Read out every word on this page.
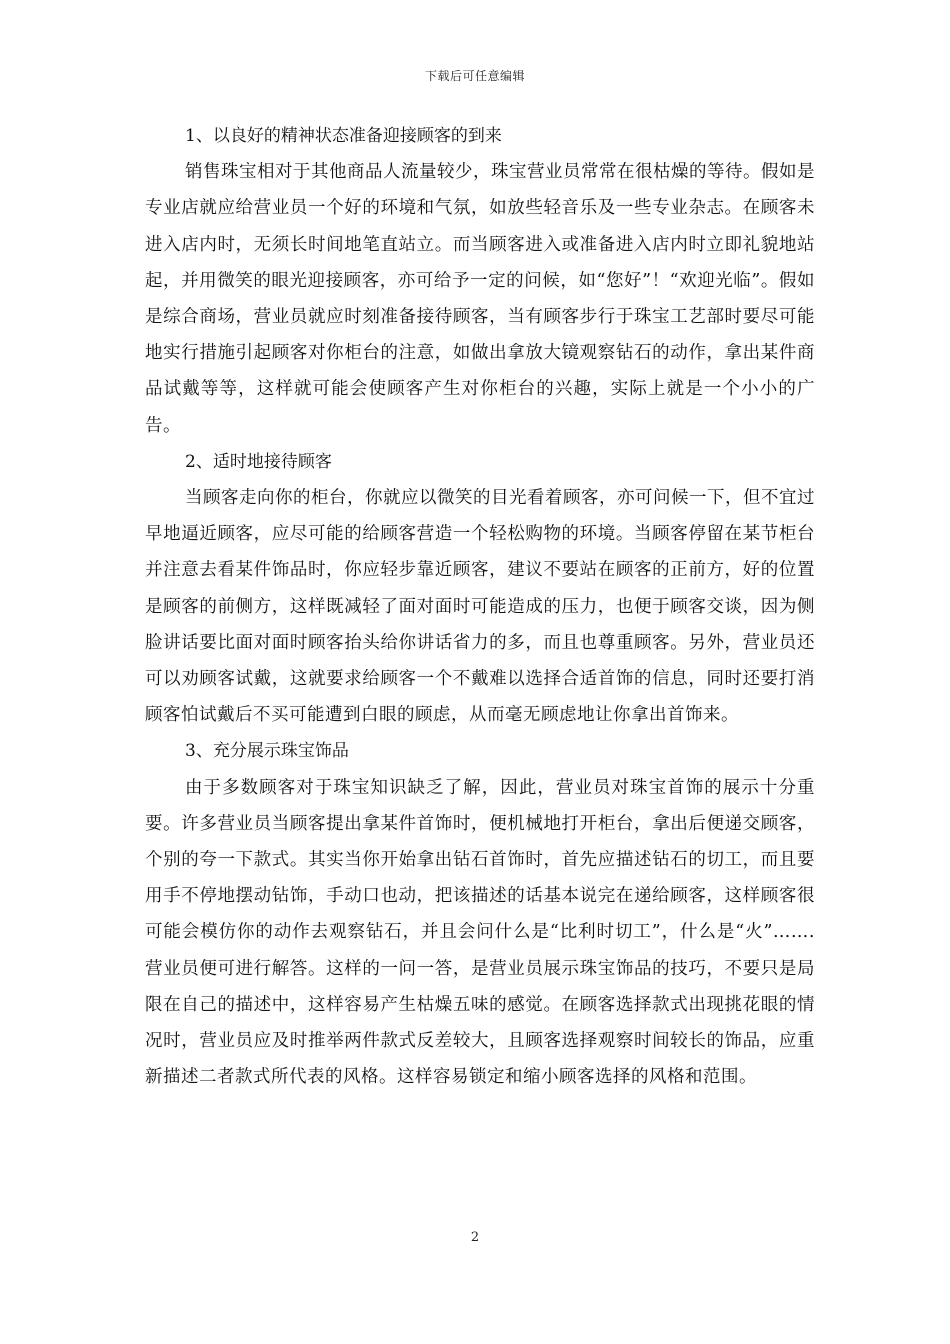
下载后可任意编辑

1、以良好的精神状态准备迎接顾客的到来

销售珠宝相对于其他商品人流量较少，珠宝营业员常常在很枯燥的等待。假如是专业店就应给营业员一个好的环境和气氛，如放些轻音乐及一些专业杂志。在顾客未进入店内时，无须长时间地笔直站立。而当顾客进入或准备进入店内时立即礼貌地站起，并用微笑的眼光迎接顾客，亦可给予一定的问候，如“您好”！“欢迎光临”。假如是综合商场，营业员就应时刻准备接待顾客，当有顾客步行于珠宝工艺部时要尽可能地实行措施引起顾客对你柜台的注意，如做出拿放大镜观察钻石的动作，拿出某件商品试戴等等，这样就可能会使顾客产生对你柜台的兴趣，实际上就是一个小小的广告。

2、适时地接待顾客

当顾客走向你的柜台，你就应以微笑的目光看着顾客，亦可问候一下，但不宜过早地逼近顾客，应尽可能的给顾客营造一个轻松购物的环境。当顾客停留在某节柜台并注意去看某件饰品时，你应轻步靠近顾客，建议不要站在顾客的正前方，好的位置是顾客的前侧方，这样既减轻了面对面时可能造成的压力，也便于顾客交谈，因为侧脸讲话要比面对面时顾客抬头给你讲话省力的多，而且也尊重顾客。另外，营业员还可以劝顾客试戴，这就要求给顾客一个不戴难以选择合适首饰的信息，同时还要打消顾客怕试戴后不买可能遭到白眼的顾虑，从而毫无顾虑地让你拿出首饰来。

3、充分展示珠宝饰品

由于多数顾客对于珠宝知识缺乏了解，因此，营业员对珠宝首饰的展示十分重要。许多营业员当顾客提出拿某件首饰时，便机械地打开柜台，拿出后便递交顾客，个别的夸一下款式。其实当你开始拿出钻石首饰时，首先应描述钻石的切工，而且要用手不停地摆动钻饰，手动口也动，把该描述的话基本说完在递给顾客，这样顾客很可能会模仿你的动作去观察钻石，并且会问什么是“比利时切工”，什么是“火”…….营业员便可进行解答。这样的一问一答，是营业员展示珠宝饰品的技巧，不要只是局限在自己的描述中，这样容易产生枯燥五味的感觉。在顾客选择款式出现挑花眼的情况时，营业员应及时推举两件款式反差较大，且顾客选择观察时间较长的饰品，应重新描述二者款式所代表的风格。这样容易锁定和缩小顾客选择的风格和范围。

2
